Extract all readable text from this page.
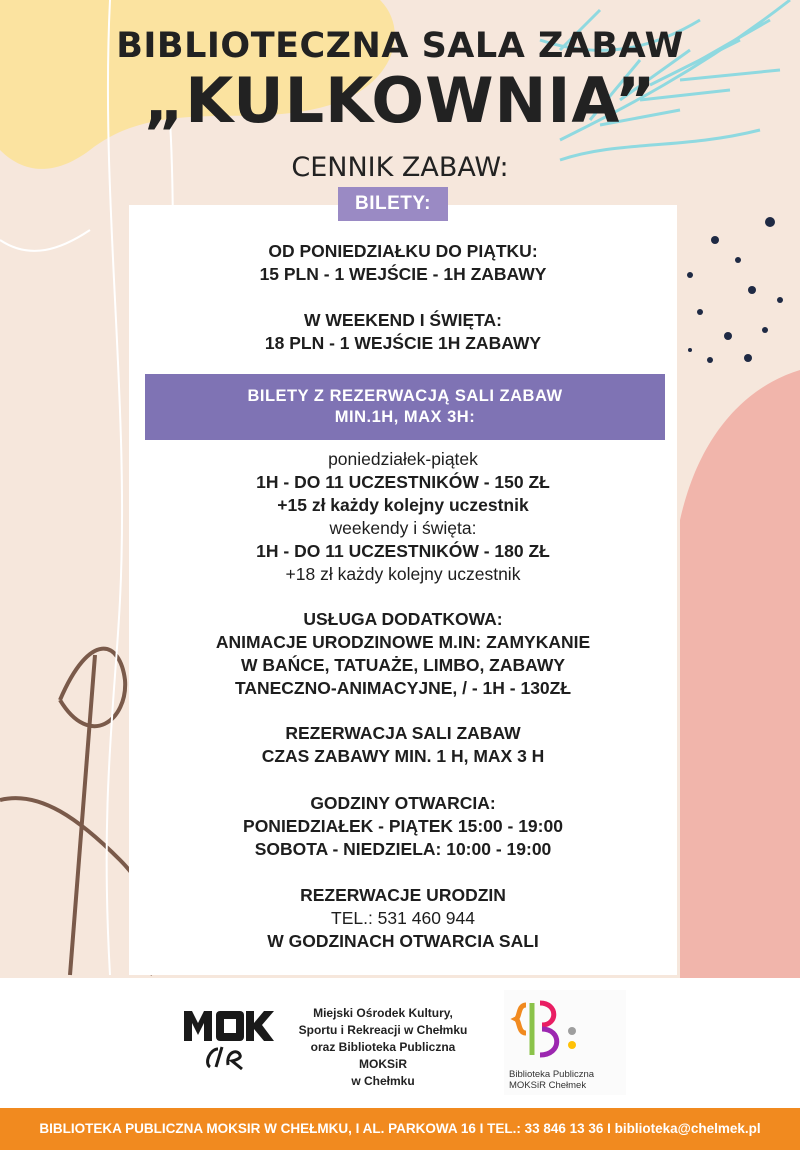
BIBLIOTECZNA SALA ZABAW
„KULKOWNIA”
CENNIK ZABAW:
BILETY:
OD PONIEDZIAŁKU DO PIĄTKU:
15 PLN - 1 WEJŚCIE - 1H ZABAWY
W WEEKEND I ŚWIĘTA:
18 PLN - 1 WEJŚCIE 1H ZABAWY
BILETY Z REZERWACJĄ SALI ZABAW
MIN.1H, MAX 3H:
poniedziałek-piątek
1H - DO 11 UCZESTNIKÓW - 150 ZŁ
+15 zł każdy kolejny uczestnik
weekendy i święta:
1H - DO 11 UCZESTNIKÓW - 180 ZŁ
+18 zł każdy kolejny uczestnik
USŁUGA DODATKOWA:
ANIMACJE URODZINOWE M.IN: ZAMYKANIE
W BAŃCE, TATUAŻE, LIMBO, ZABAWY
TANECZNO-ANIMACYJNE, / - 1H - 130ZŁ
REZERWACJA SALI ZABAW
CZAS ZABAWY MIN. 1 H, MAX 3 H
GODZINY OTWARCIA:
PONIEDZIAŁEK - PIĄTEK 15:00 - 19:00
SOBOTA - NIEDZIELA: 10:00 - 19:00
REZERWACJE URODZIN
TEL.: 531 460 944
W GODZINACH OTWARCIA SALI
Miejski Ośrodek Kultury,
Sportu i Rekreacji w Chełmku
oraz Biblioteka Publiczna MOKSiR
w Chełmku	Biblioteka Publiczna
MOKSiR Chełmek
BIBLIOTEKA PUBLICZNA MOKSIR W CHEŁMKU, I AL. PARKOWA 16 I TEL.: 33 846 13 36 I biblioteka@chelmek.pl
